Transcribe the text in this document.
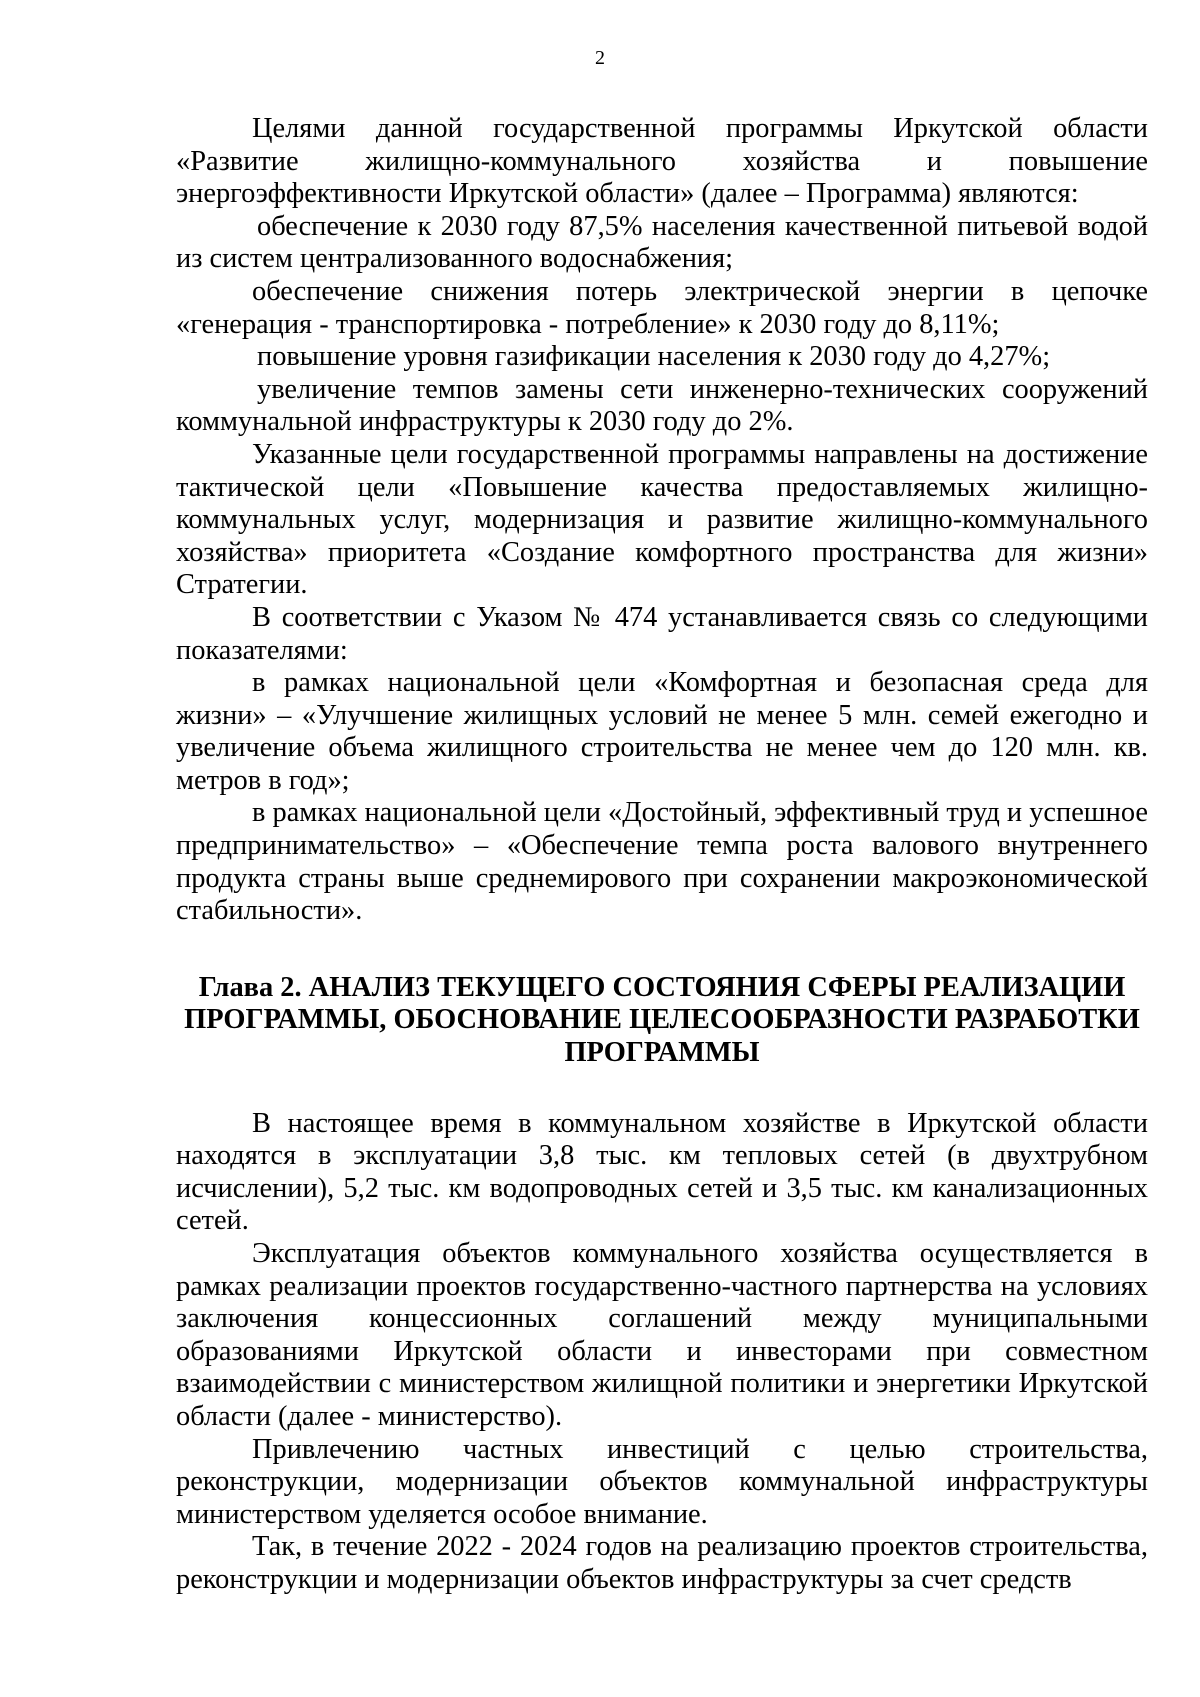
2

Целями данной государственной программы Иркутской области «Развитие жилищно-коммунального хозяйства и повышение энергоэффективности Иркутской области» (далее – Программа) являются:

обеспечение к 2030 году 87,5% населения качественной питьевой водой из систем централизованного водоснабжения;

обеспечение снижения потерь электрической энергии в цепочке «генерация - транспортировка - потребление» к 2030 году до 8,11%;

повышение уровня газификации населения к 2030 году до 4,27%;

увеличение темпов замены сети инженерно-технических сооружений коммунальной инфраструктуры к 2030 году до 2%.

Указанные цели государственной программы направлены на достижение тактической цели «Повышение качества предоставляемых жилищно-коммунальных услуг, модернизация и развитие жилищно-коммунального хозяйства» приоритета «Создание комфортного пространства для жизни» Стратегии.

В соответствии с Указом № 474 устанавливается связь со следующими показателями:

в рамках национальной цели «Комфортная и безопасная среда для жизни» – «Улучшение жилищных условий не менее 5 млн. семей ежегодно и увеличение объема жилищного строительства не менее чем до 120 млн. кв. метров в год»;

в рамках национальной цели «Достойный, эффективный труд и успешное предпринимательство» – «Обеспечение темпа роста валового внутреннего продукта страны выше среднемирового при сохранении макроэкономической стабильности».

Глава 2. АНАЛИЗ ТЕКУЩЕГО СОСТОЯНИЯ СФЕРЫ РЕАЛИЗАЦИИ
ПРОГРАММЫ, ОБОСНОВАНИЕ ЦЕЛЕСООБРАЗНОСТИ РАЗРАБОТКИ
ПРОГРАММЫ

В настоящее время в коммунальном хозяйстве в Иркутской области находятся в эксплуатации 3,8 тыс. км тепловых сетей (в двухтрубном исчислении), 5,2 тыс. км водопроводных сетей и 3,5 тыс. км канализационных сетей.

Эксплуатация объектов коммунального хозяйства осуществляется в рамках реализации проектов государственно-частного партнерства на условиях заключения концессионных соглашений между муниципальными образованиями Иркутской области и инвесторами при совместном взаимодействии с министерством жилищной политики и энергетики Иркутской области (далее - министерство).

Привлечению частных инвестиций с целью строительства, реконструкции, модернизации объектов коммунальной инфраструктуры министерством уделяется особое внимание.

Так, в течение 2022 - 2024 годов на реализацию проектов строительства, реконструкции и модернизации объектов инфраструктуры за счет средств
